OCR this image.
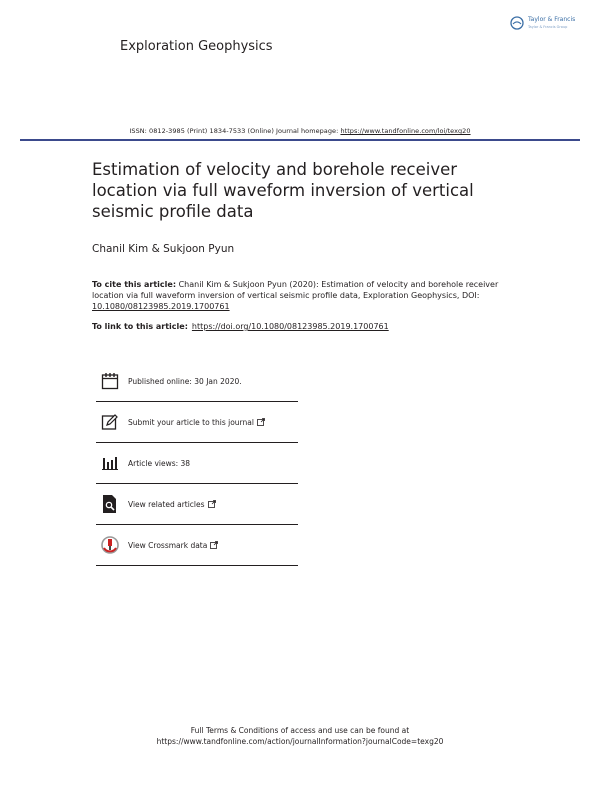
Taylor & Francis
Taylor & Francis Group
Exploration Geophysics
ISSN: 0812-3985 (Print) 1834-7533 (Online) Journal homepage: https://www.tandfonline.com/loi/texg20
Estimation of velocity and borehole receiver location via full waveform inversion of vertical seismic profile data
Chanil Kim & Sukjoon Pyun
To cite this article: Chanil Kim & Sukjoon Pyun (2020): Estimation of velocity and borehole receiver location via full waveform inversion of vertical seismic profile data, Exploration Geophysics, DOI: 10.1080/08123985.2019.1700761
To link to this article: https://doi.org/10.1080/08123985.2019.1700761
Published online: 30 Jan 2020.
Submit your article to this journal
Article views: 38
View related articles
View Crossmark data
Full Terms & Conditions of access and use can be found at
https://www.tandfonline.com/action/journalInformation?journalCode=texg20
